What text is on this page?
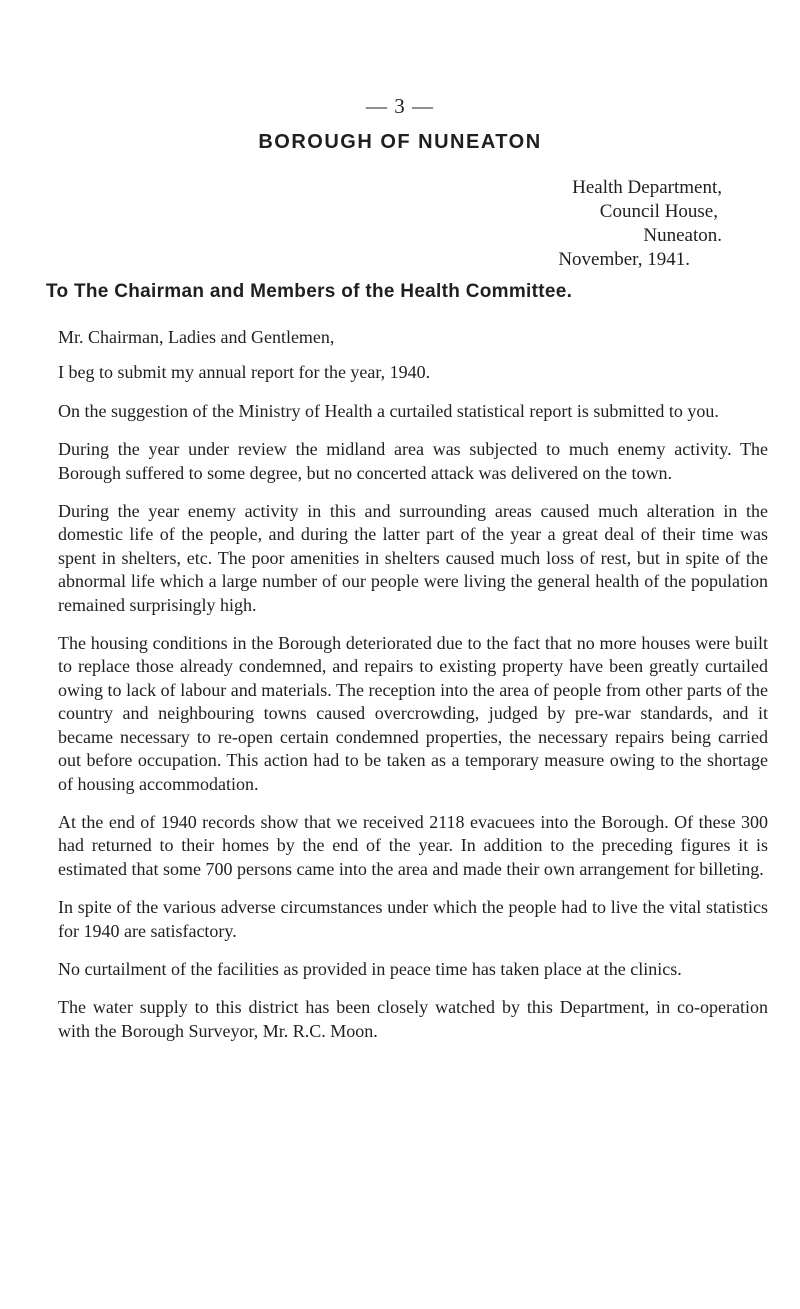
— 3 —
BOROUGH OF NUNEATON
Health Department,
Council House,
Nuneaton.
November, 1941.
To The Chairman and Members of the Health Committee.

Mr. Chairman, Ladies and Gentlemen,

I beg to submit my annual report for the year, 1940.

On the suggestion of the Ministry of Health a curtailed statistical report is submitted to you.

During the year under review the midland area was subjected to much enemy activity. The Borough suffered to some degree, but no concerted attack was delivered on the town.

During the year enemy activity in this and surrounding areas caused much alteration in the domestic life of the people, and during the latter part of the year a great deal of their time was spent in shelters, etc. The poor amenities in shelters caused much loss of rest, but in spite of the abnormal life which a large number of our people were living the general health of the population remained surprisingly high.

The housing conditions in the Borough deteriorated due to the fact that no more houses were built to replace those already condemned, and repairs to existing property have been greatly curtailed owing to lack of labour and materials. The reception into the area of people from other parts of the country and neighbouring towns caused overcrowding, judged by pre-war standards, and it became necessary to re-open certain condemned properties, the necessary repairs being carried out before occupation. This action had to be taken as a temporary measure owing to the shortage of housing accommodation.

At the end of 1940 records show that we received 2118 evacuees into the Borough. Of these 300 had returned to their homes by the end of the year. In addition to the preceding figures it is estimated that some 700 persons came into the area and made their own arrangement for billeting.

In spite of the various adverse circumstances under which the people had to live the vital statistics for 1940 are satisfactory.

No curtailment of the facilities as provided in peace time has taken place at the clinics.

The water supply to this district has been closely watched by this Department, in co-operation with the Borough Surveyor, Mr. R.C. Moon.
